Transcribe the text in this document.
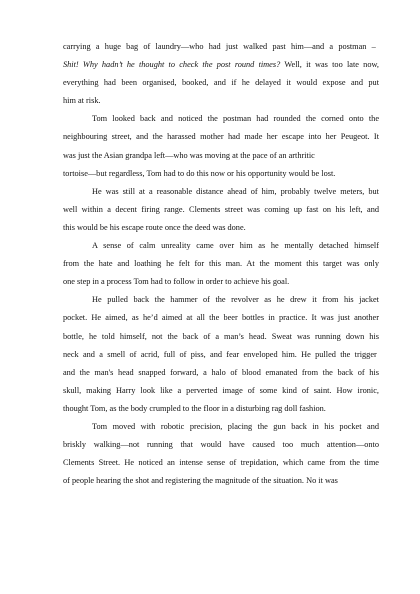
carrying a huge bag of laundry—who had just walked past him—and a postman –
Shit! Why hadn’t he thought to check the post round times? Well, it was too late now,
everything had been organised, booked, and if he delayed it would expose and put
him at risk.
Tom looked back and noticed the postman had rounded the corned onto the
neighbouring street, and the harassed mother had made her escape into her Peugeot. It
was just the Asian grandpa left—who was moving at the pace of an arthritic
tortoise—but regardless, Tom had to do this now or his opportunity would be lost.
He was still at a reasonable distance ahead of him, probably twelve meters, but
well within a decent firing range. Clements street was coming up fast on his left, and
this would be his escape route once the deed was done.
A sense of calm unreality came over him as he mentally detached himself
from the hate and loathing he felt for this man. At the moment this target was only
one step in a process Tom had to follow in order to achieve his goal.
He pulled back the hammer of the revolver as he drew it from his jacket
pocket. He aimed, as he’d aimed at all the beer bottles in practice. It was just another
bottle, he told himself, not the back of a man’s head. Sweat was running down his
neck and a smell of acrid, full of piss, and fear enveloped him. He pulled the trigger
and the man's head snapped forward, a halo of blood emanated from the back of his
skull, making Harry look like a perverted image of some kind of saint. How ironic,
thought Tom, as the body crumpled to the floor in a disturbing rag doll fashion.
Tom moved with robotic precision, placing the gun back in his pocket and
briskly walking—not running that would have caused too much attention—onto
Clements Street. He noticed an intense sense of trepidation, which came from the time
of people hearing the shot and registering the magnitude of the situation. No it was
